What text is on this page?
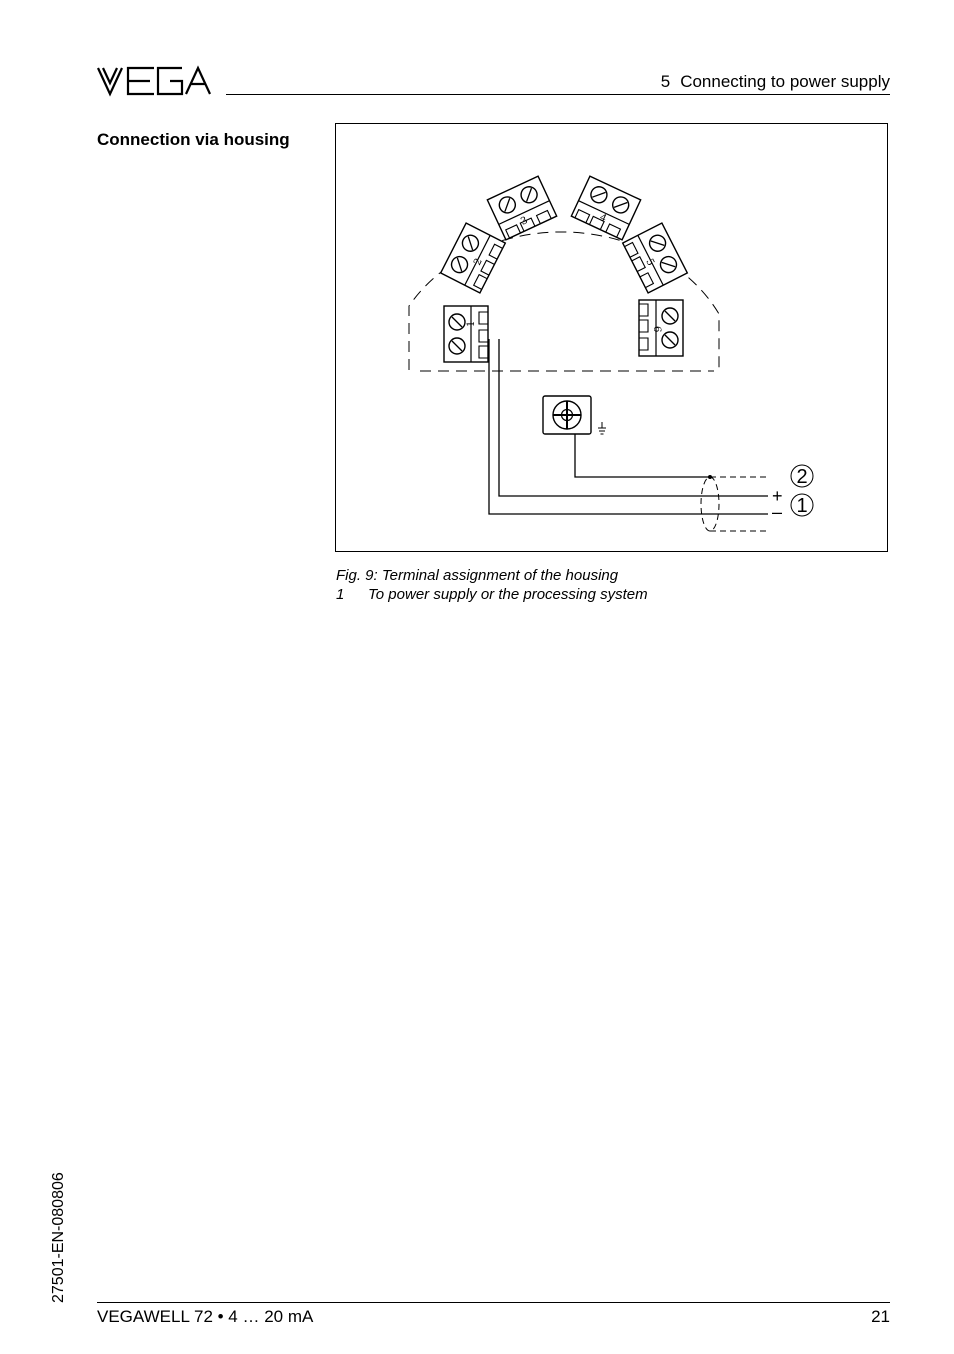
5 Connecting to power supply
Connection via housing
1
2
3	4
5
6
+
–
2
1
Fig. 9: Terminal assignment of the housing
1 To power supply or the processing system
27501-EN-080806
VEGAWELL 72 • 4 … 20 mA	21
